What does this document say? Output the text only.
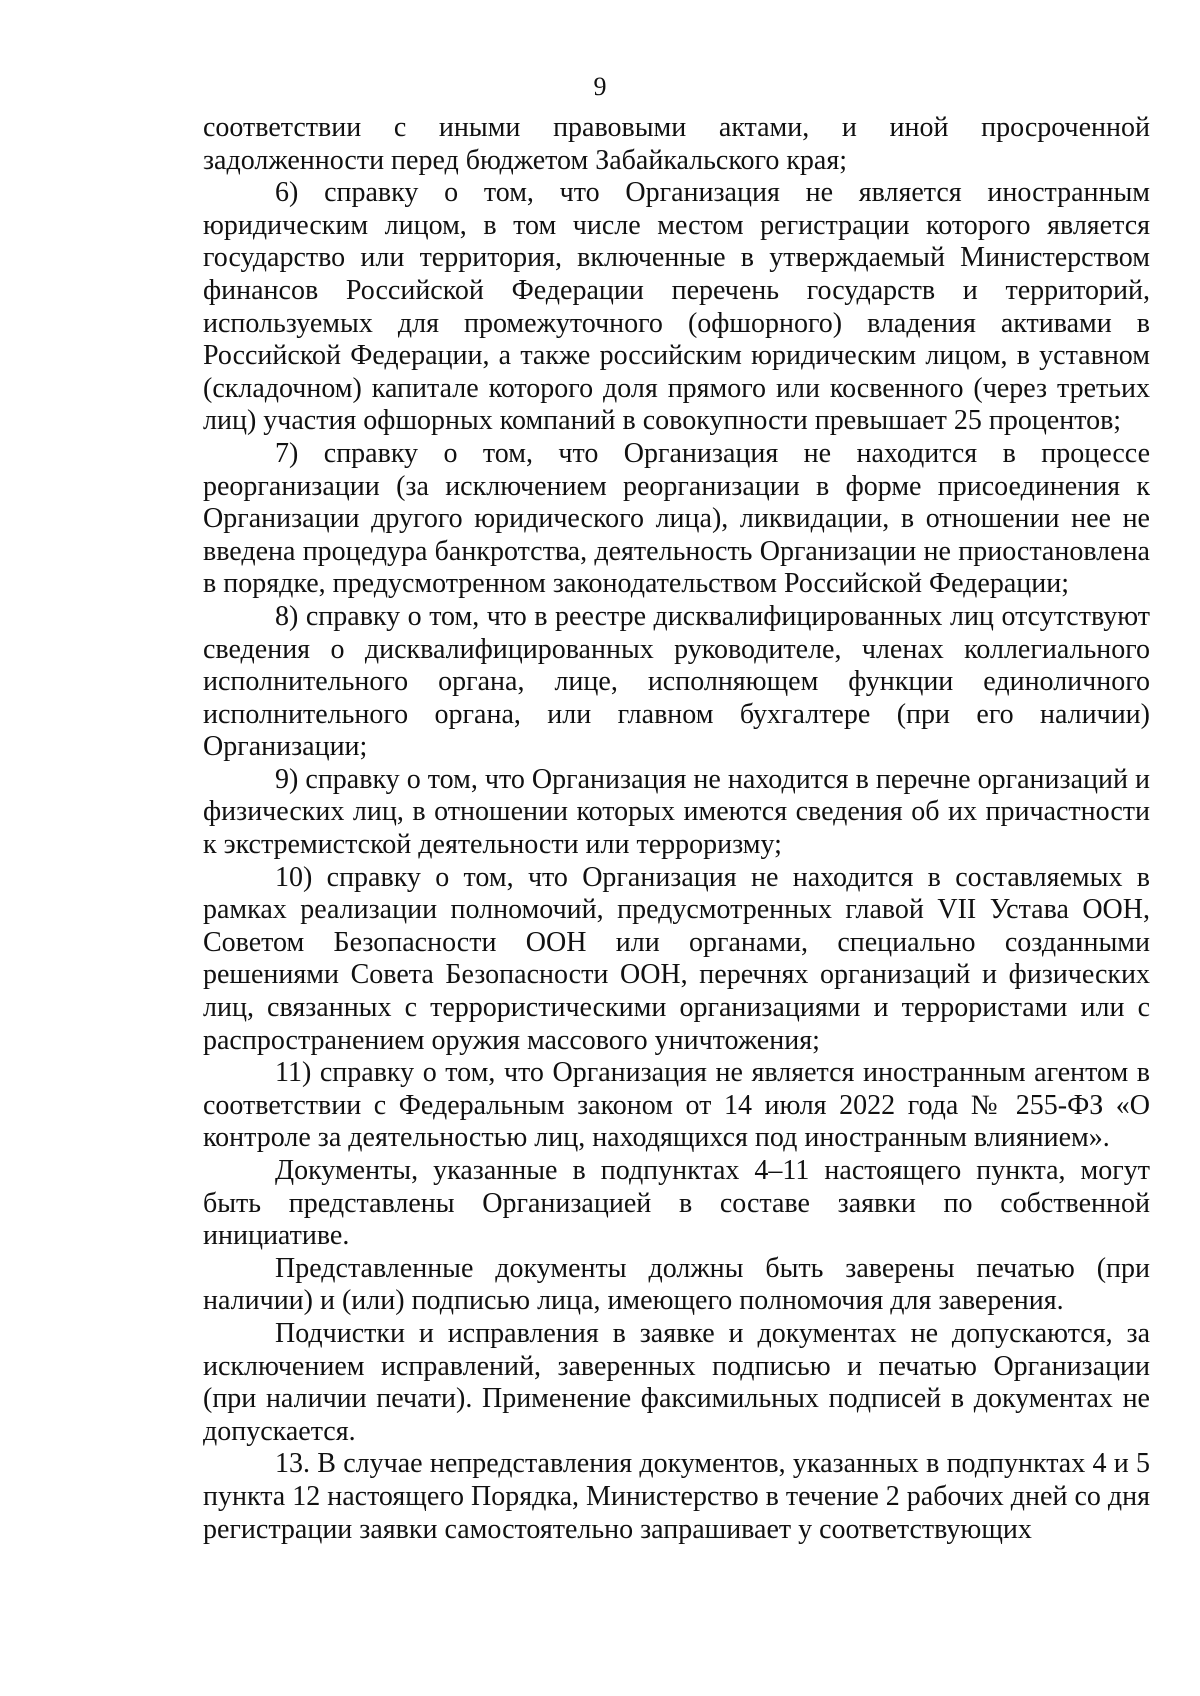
9

соответствии с иными правовыми актами, и иной просроченной задолженности перед бюджетом Забайкальского края;

6) справку о том, что Организация не является иностранным юридическим лицом, в том числе местом регистрации которого является государство или территория, включенные в утверждаемый Министерством финансов Российской Федерации перечень государств и территорий, используемых для промежуточного (офшорного) владения активами в Российской Федерации, а также российским юридическим лицом, в уставном (складочном) капитале которого доля прямого или косвенного (через третьих лиц) участия офшорных компаний в совокупности превышает 25 процентов;

7) справку о том, что Организация не находится в процессе реорганизации (за исключением реорганизации в форме присоединения к Организации другого юридического лица), ликвидации, в отношении нее не введена процедура банкротства, деятельность Организации не приостановлена в порядке, предусмотренном законодательством Российской Федерации;

8) справку о том, что в реестре дисквалифицированных лиц отсутствуют сведения о дисквалифицированных руководителе, членах коллегиального исполнительного органа, лице, исполняющем функции единоличного исполнительного органа, или главном бухгалтере (при его наличии) Организации;

9) справку о том, что Организация не находится в перечне организаций и физических лиц, в отношении которых имеются сведения об их причастности к экстремистской деятельности или терроризму;

10) справку о том, что Организация не находится в составляемых в рамках реализации полномочий, предусмотренных главой VII Устава ООН, Советом Безопасности ООН или органами, специально созданными решениями Совета Безопасности ООН, перечнях организаций и физических лиц, связанных с террористическими организациями и террористами или с распространением оружия массового уничтожения;

11) справку о том, что Организация не является иностранным агентом в соответствии с Федеральным законом от 14 июля 2022 года № 255-ФЗ «О контроле за деятельностью лиц, находящихся под иностранным влиянием».

Документы, указанные в подпунктах 4–11 настоящего пункта, могут быть представлены Организацией в составе заявки по собственной инициативе.

Представленные документы должны быть заверены печатью (при наличии) и (или) подписью лица, имеющего полномочия для заверения.

Подчистки и исправления в заявке и документах не допускаются, за исключением исправлений, заверенных подписью и печатью Организации (при наличии печати). Применение факсимильных подписей в документах не допускается.

13. В случае непредставления документов, указанных в подпунктах 4 и 5 пункта 12 настоящего Порядка, Министерство в течение 2 рабочих дней со дня регистрации заявки самостоятельно запрашивает у соответствующих
